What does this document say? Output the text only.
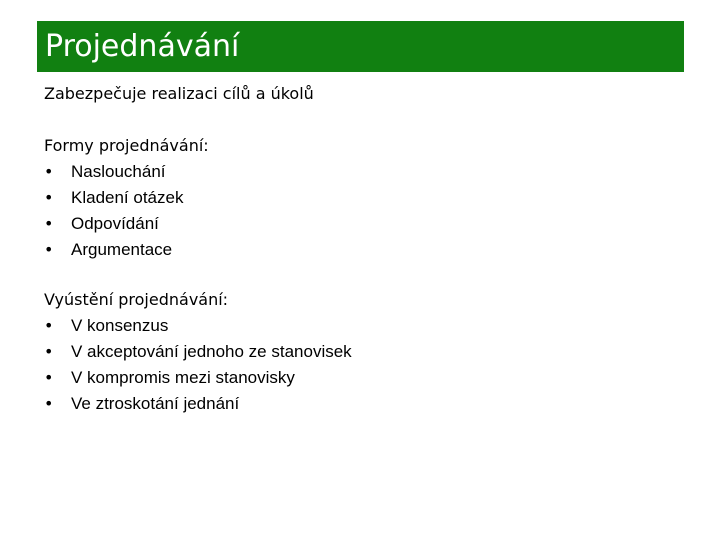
Projednávání
Zabezpečuje realizaci cílů a úkolů
Formy projednávání:
• Naslouchání
• Kladení otázek
• Odpovídání
• Argumentace
Vyústění projednávání:
• V konsenzus
• V akceptování jednoho ze stanovisek
• V kompromis mezi stanovisky
• Ve ztroskotání jednání
